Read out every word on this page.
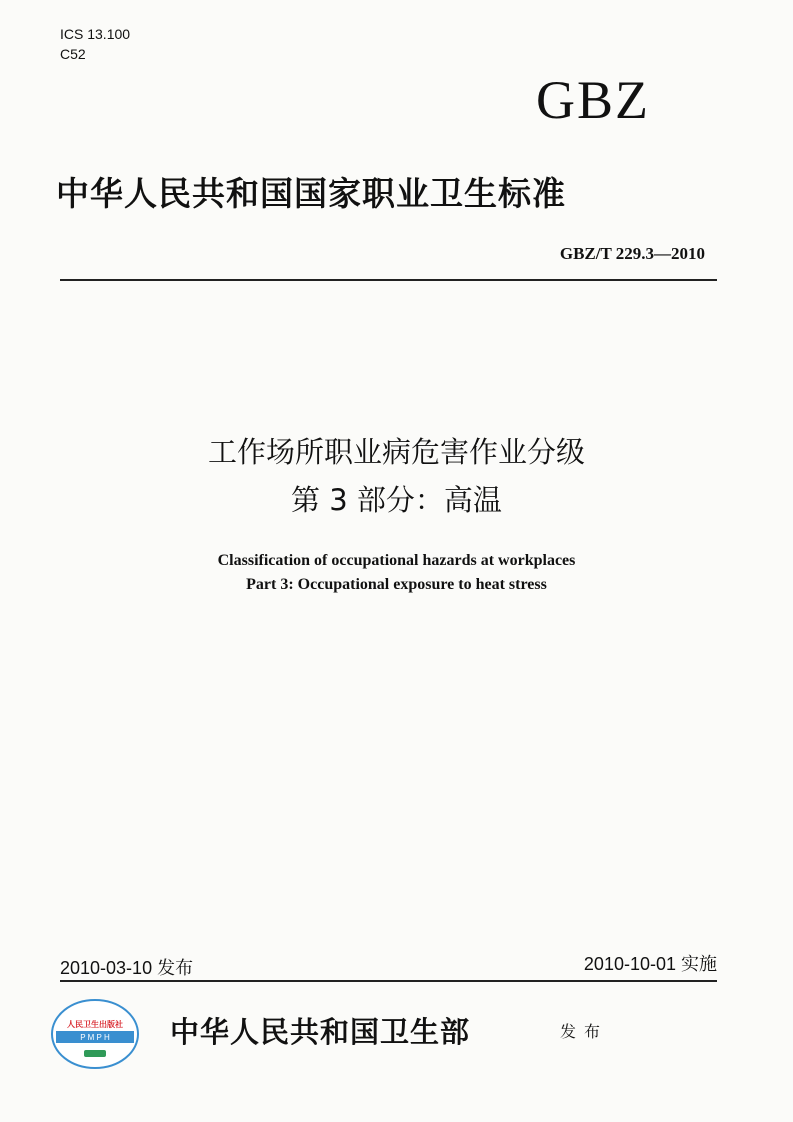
ICS 13.100
C52
GBZ
中华人民共和国国家职业卫生标准
GBZ/T 229.3—2010
工作场所职业病危害作业分级
第 3 部分：高温
Classification of occupational hazards at workplaces
Part 3: Occupational exposure to heat stress
2010-03-10 发布	2010-10-01 实施
人民卫生出版社
P M P H 中华人民共和国卫生部	发布
